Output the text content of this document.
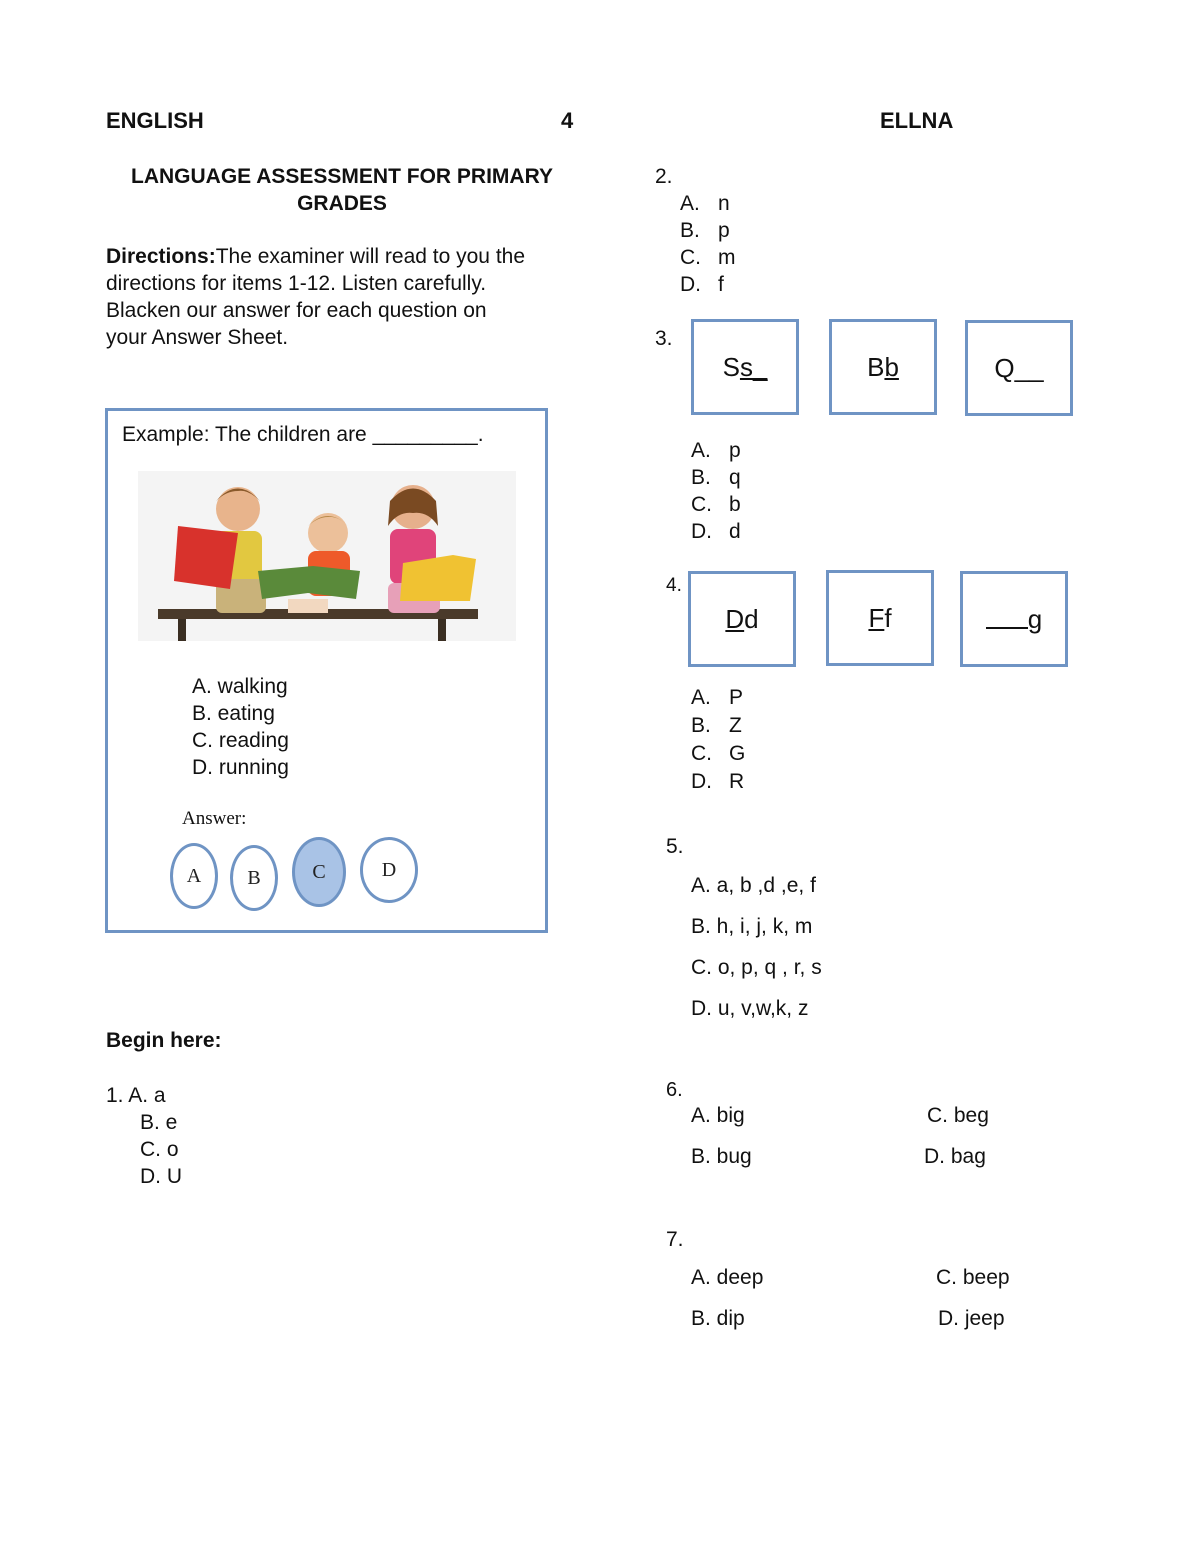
ENGLISH	4	ELLNA
LANGUAGE ASSESSMENT FOR PRIMARY GRADES
Directions:The examiner will read to you the
directions for items 1-12. Listen carefully.
Blacken our answer for each question on
your Answer Sheet.
Example: The children are _________.
A. walking
B. eating
C. reading
D. running
Answer:
A	B	C	D
Begin here:
1. A. a
B. e
C. o
D. U
2.
A. n
B. p
C. m
D. f
3.
S s_	B b	Q __
A. p
B. q
C. b
D. d
4.
D d	F f	g
A. P
B. Z
C. G
D. R
5.
A. a, b ,d ,e, f
B. h, i, j, k, m
C. o, p, q , r, s
D. u, v,w,k, z
6.
A. big	C. beg
B. bug	D. bag
7.
A. deep	C. beep
B. dip	D. jeep
